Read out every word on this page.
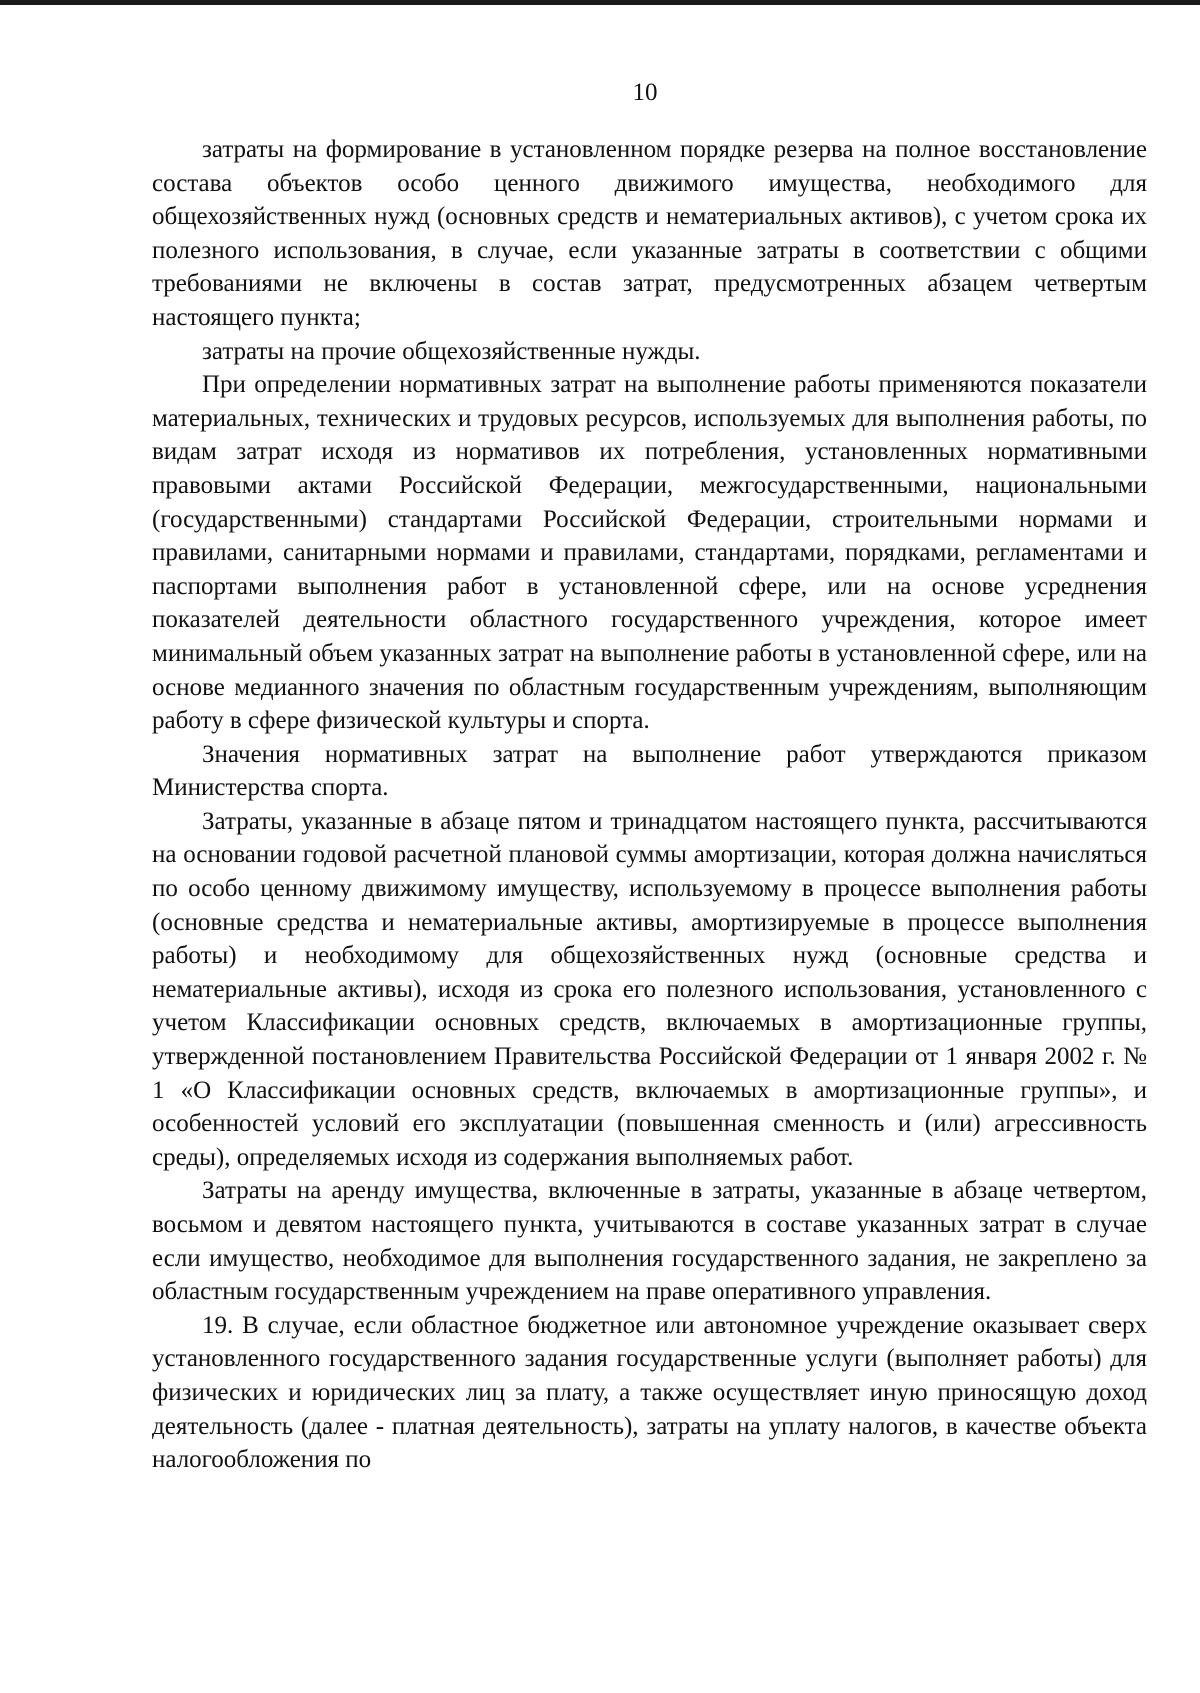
10

затраты на формирование в установленном порядке резерва на полное восстановление состава объектов особо ценного движимого имущества, необходимого для общехозяйственных нужд (основных средств и нематериальных активов), с учетом срока их полезного использования, в случае, если указанные затраты в соответствии с общими требованиями не включены в состав затрат, предусмотренных абзацем четвертым настоящего пункта;

затраты на прочие общехозяйственные нужды.

При определении нормативных затрат на выполнение работы применяются показатели материальных, технических и трудовых ресурсов, используемых для выполнения работы, по видам затрат исходя из нормативов их потребления, установленных нормативными правовыми актами Российской Федерации, межгосударственными, национальными (государственными) стандартами Российской Федерации, строительными нормами и правилами, санитарными нормами и правилами, стандартами, порядками, регламентами и паспортами выполнения работ в установленной сфере, или на основе усреднения показателей деятельности областного государственного учреждения, которое имеет минимальный объем указанных затрат на выполнение работы в установленной сфере, или на основе медианного значения по областным государственным учреждениям, выполняющим работу в сфере физической культуры и спорта.

Значения нормативных затрат на выполнение работ утверждаются приказом Министерства спорта.

Затраты, указанные в абзаце пятом и тринадцатом настоящего пункта, рассчитываются на основании годовой расчетной плановой суммы амортизации, которая должна начисляться по особо ценному движимому имуществу, используемому в процессе выполнения работы (основные средства и нематериальные активы, амортизируемые в процессе выполнения работы) и необходимому для общехозяйственных нужд (основные средства и нематериальные активы), исходя из срока его полезного использования, установленного с учетом Классификации основных средств, включаемых в амортизационные группы, утвержденной постановлением Правительства Российской Федерации от 1 января 2002 г. № 1 «О Классификации основных средств, включаемых в амортизационные группы», и особенностей условий его эксплуатации (повышенная сменность и (или) агрессивность среды), определяемых исходя из содержания выполняемых работ.

Затраты на аренду имущества, включенные в затраты, указанные в абзаце четвертом, восьмом и девятом настоящего пункта, учитываются в составе указанных затрат в случае если имущество, необходимое для выполнения государственного задания, не закреплено за областным государственным учреждением на праве оперативного управления.

19. В случае, если областное бюджетное или автономное учреждение оказывает сверх установленного государственного задания государственные услуги (выполняет работы) для физических и юридических лиц за плату, а также осуществляет иную приносящую доход деятельность (далее - платная деятельность), затраты на уплату налогов, в качестве объекта налогообложения по
